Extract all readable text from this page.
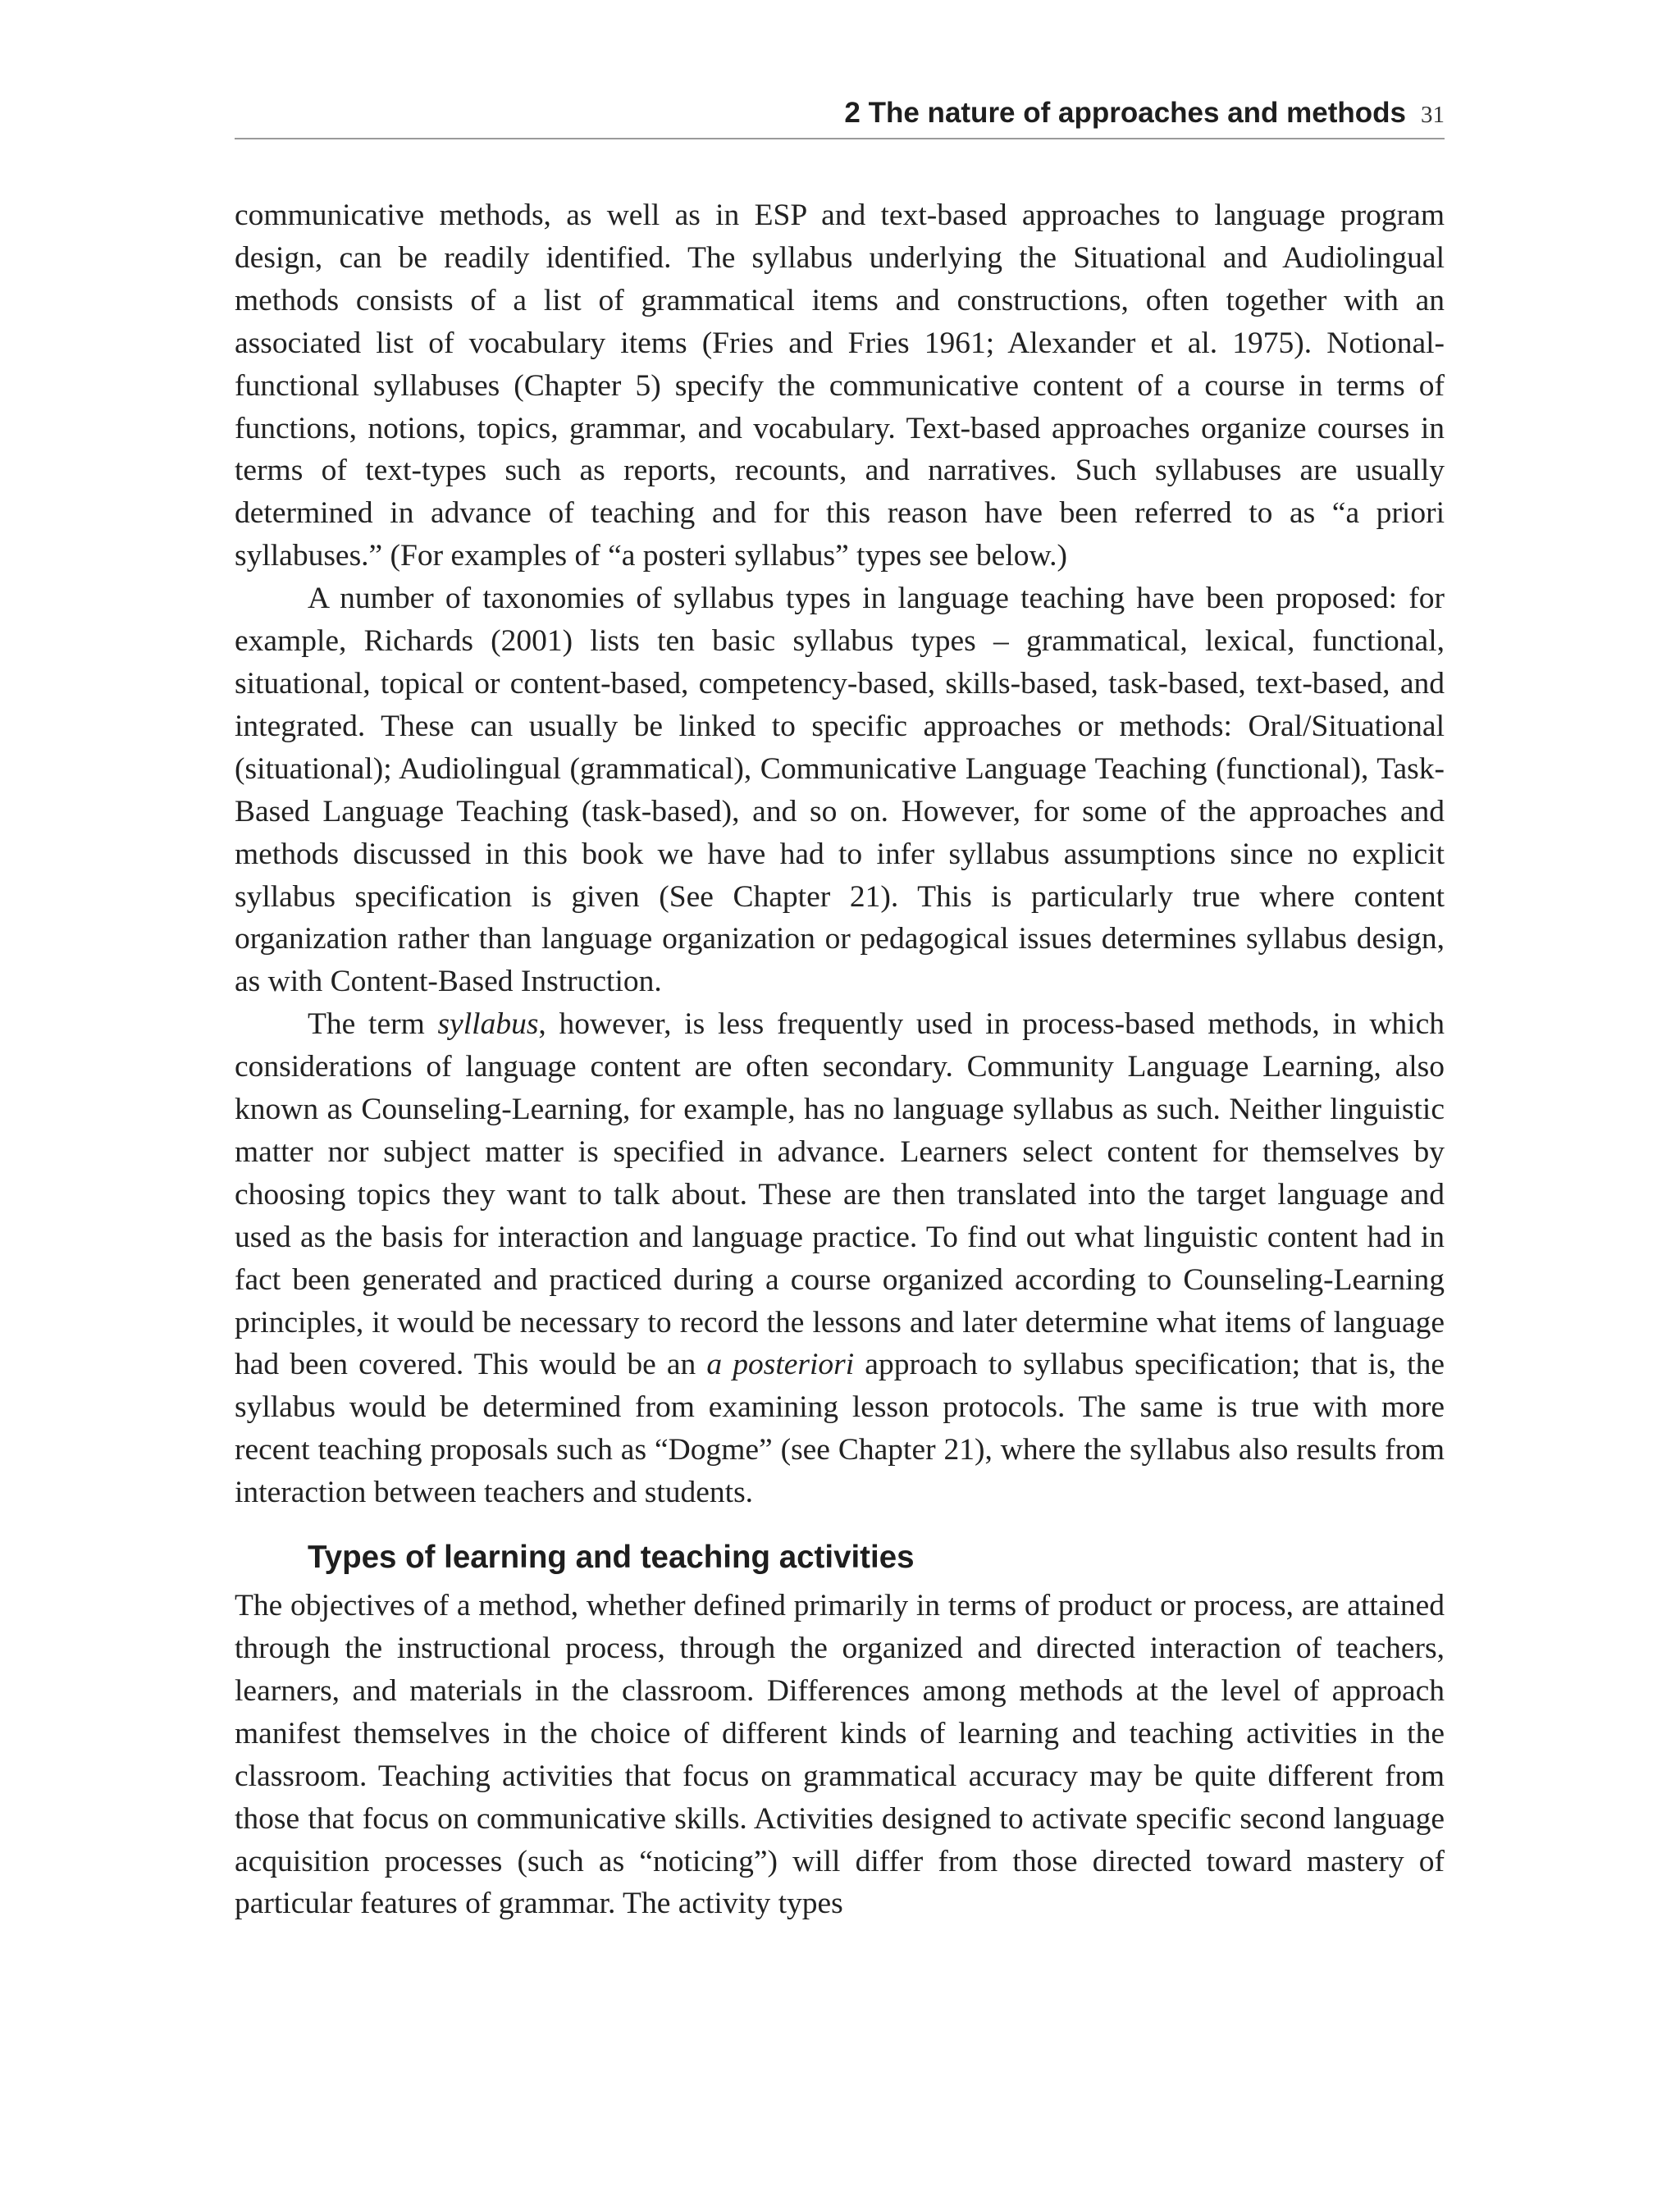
2 The nature of approaches and methods 31

communicative methods, as well as in ESP and text-based approaches to language program design, can be readily identified. The syllabus underlying the Situational and Audiolingual methods consists of a list of grammatical items and constructions, often together with an associated list of vocabulary items (Fries and Fries 1961; Alexander et al. 1975). Notional-functional syllabuses (Chapter 5) specify the communicative content of a course in terms of functions, notions, topics, grammar, and vocabulary. Text-based approaches organize courses in terms of text-types such as reports, recounts, and narratives. Such syllabuses are usually determined in advance of teaching and for this reason have been referred to as “a priori syllabuses.” (For examples of “a posteri syllabus” types see below.)

A number of taxonomies of syllabus types in language teaching have been proposed: for example, Richards (2001) lists ten basic syllabus types – grammatical, lexical, functional, situational, topical or content-based, competency-based, skills-based, task-based, text-based, and integrated. These can usually be linked to specific approaches or methods: Oral/Situational (situational); Audiolingual (grammatical), Communicative Language Teaching (functional), Task-Based Language Teaching (task-based), and so on. However, for some of the approaches and methods discussed in this book we have had to infer syllabus assumptions since no explicit syllabus specification is given (See Chapter 21). This is particularly true where content organization rather than language organization or pedagogical issues determines syllabus design, as with Content-Based Instruction.

The term syllabus, however, is less frequently used in process-based methods, in which considerations of language content are often secondary. Community Language Learning, also known as Counseling-Learning, for example, has no language syllabus as such. Neither linguistic matter nor subject matter is specified in advance. Learners select content for themselves by choosing topics they want to talk about. These are then translated into the target language and used as the basis for interaction and language practice. To find out what linguistic content had in fact been generated and practiced during a course organized according to Counseling-Learning principles, it would be necessary to record the lessons and later determine what items of language had been covered. This would be an a posteriori approach to syllabus specification; that is, the syllabus would be determined from examining lesson protocols. The same is true with more recent teaching proposals such as “Dogme” (see Chapter 21), where the syllabus also results from interaction between teachers and students.

Types of learning and teaching activities

The objectives of a method, whether defined primarily in terms of product or process, are attained through the instructional process, through the organized and directed interaction of teachers, learners, and materials in the classroom. Differences among methods at the level of approach manifest themselves in the choice of different kinds of learning and teaching activities in the classroom. Teaching activities that focus on grammatical accuracy may be quite different from those that focus on communicative skills. Activities designed to activate specific second language acquisition processes (such as “noticing”) will differ from those directed toward mastery of particular features of grammar. The activity types
